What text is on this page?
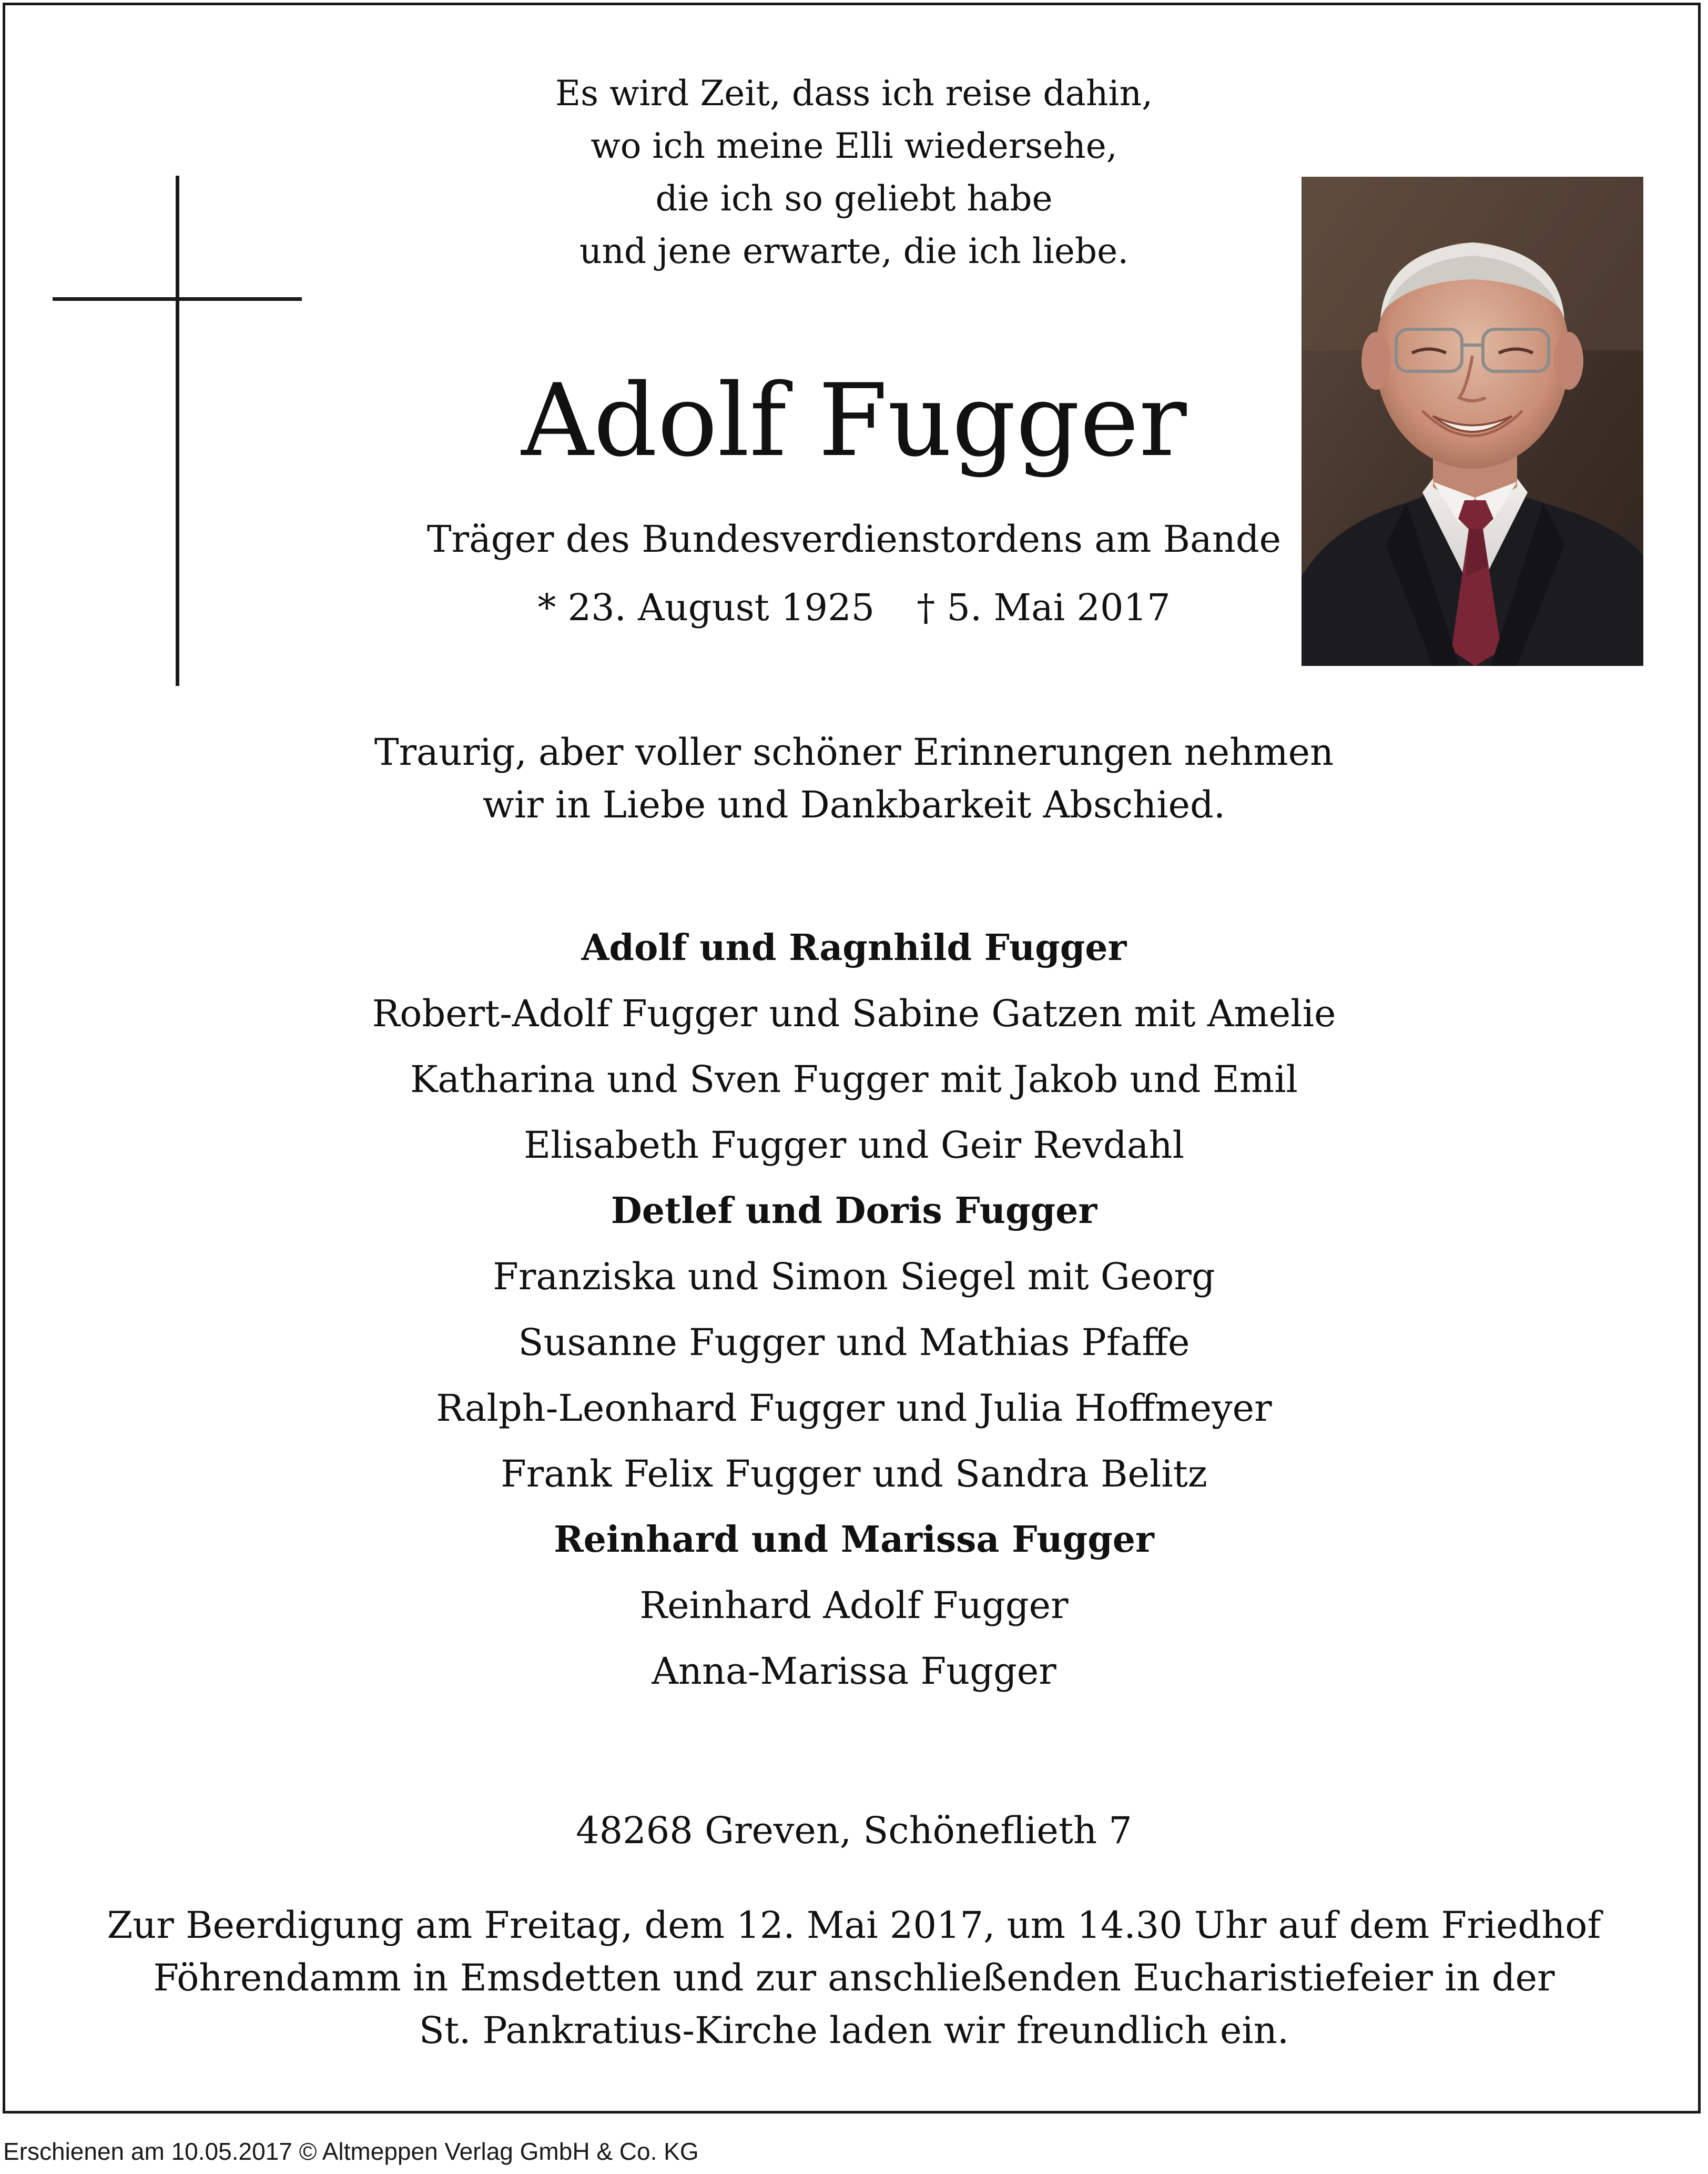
Es wird Zeit, dass ich reise dahin,
wo ich meine Elli wiedersehe,
die ich so geliebt habe
und jene erwarte, die ich liebe.

Adolf Fugger

Träger des Bundesverdienstordens am Bande

* 23. August 1925 † 5. Mai 2017

Traurig, aber voller schöner Erinnerungen nehmen
wir in Liebe und Dankbarkeit Abschied.

Adolf und Ragnhild Fugger
Robert-Adolf Fugger und Sabine Gatzen mit Amelie
Katharina und Sven Fugger mit Jakob und Emil
Elisabeth Fugger und Geir Revdahl
Detlef und Doris Fugger
Franziska und Simon Siegel mit Georg
Susanne Fugger und Mathias Pfaffe
Ralph-Leonhard Fugger und Julia Hoffmeyer
Frank Felix Fugger und Sandra Belitz
Reinhard und Marissa Fugger
Reinhard Adolf Fugger
Anna-Marissa Fugger

48268 Greven, Schöneflieth 7

Zur Beerdigung am Freitag, dem 12. Mai 2017, um 14.30 Uhr auf dem Friedhof
Föhrendamm in Emsdetten und zur anschließenden Eucharistiefeier in der
St. Pankratius-Kirche laden wir freundlich ein.

Erschienen am 10.05.2017 © Altmeppen Verlag GmbH & Co. KG
